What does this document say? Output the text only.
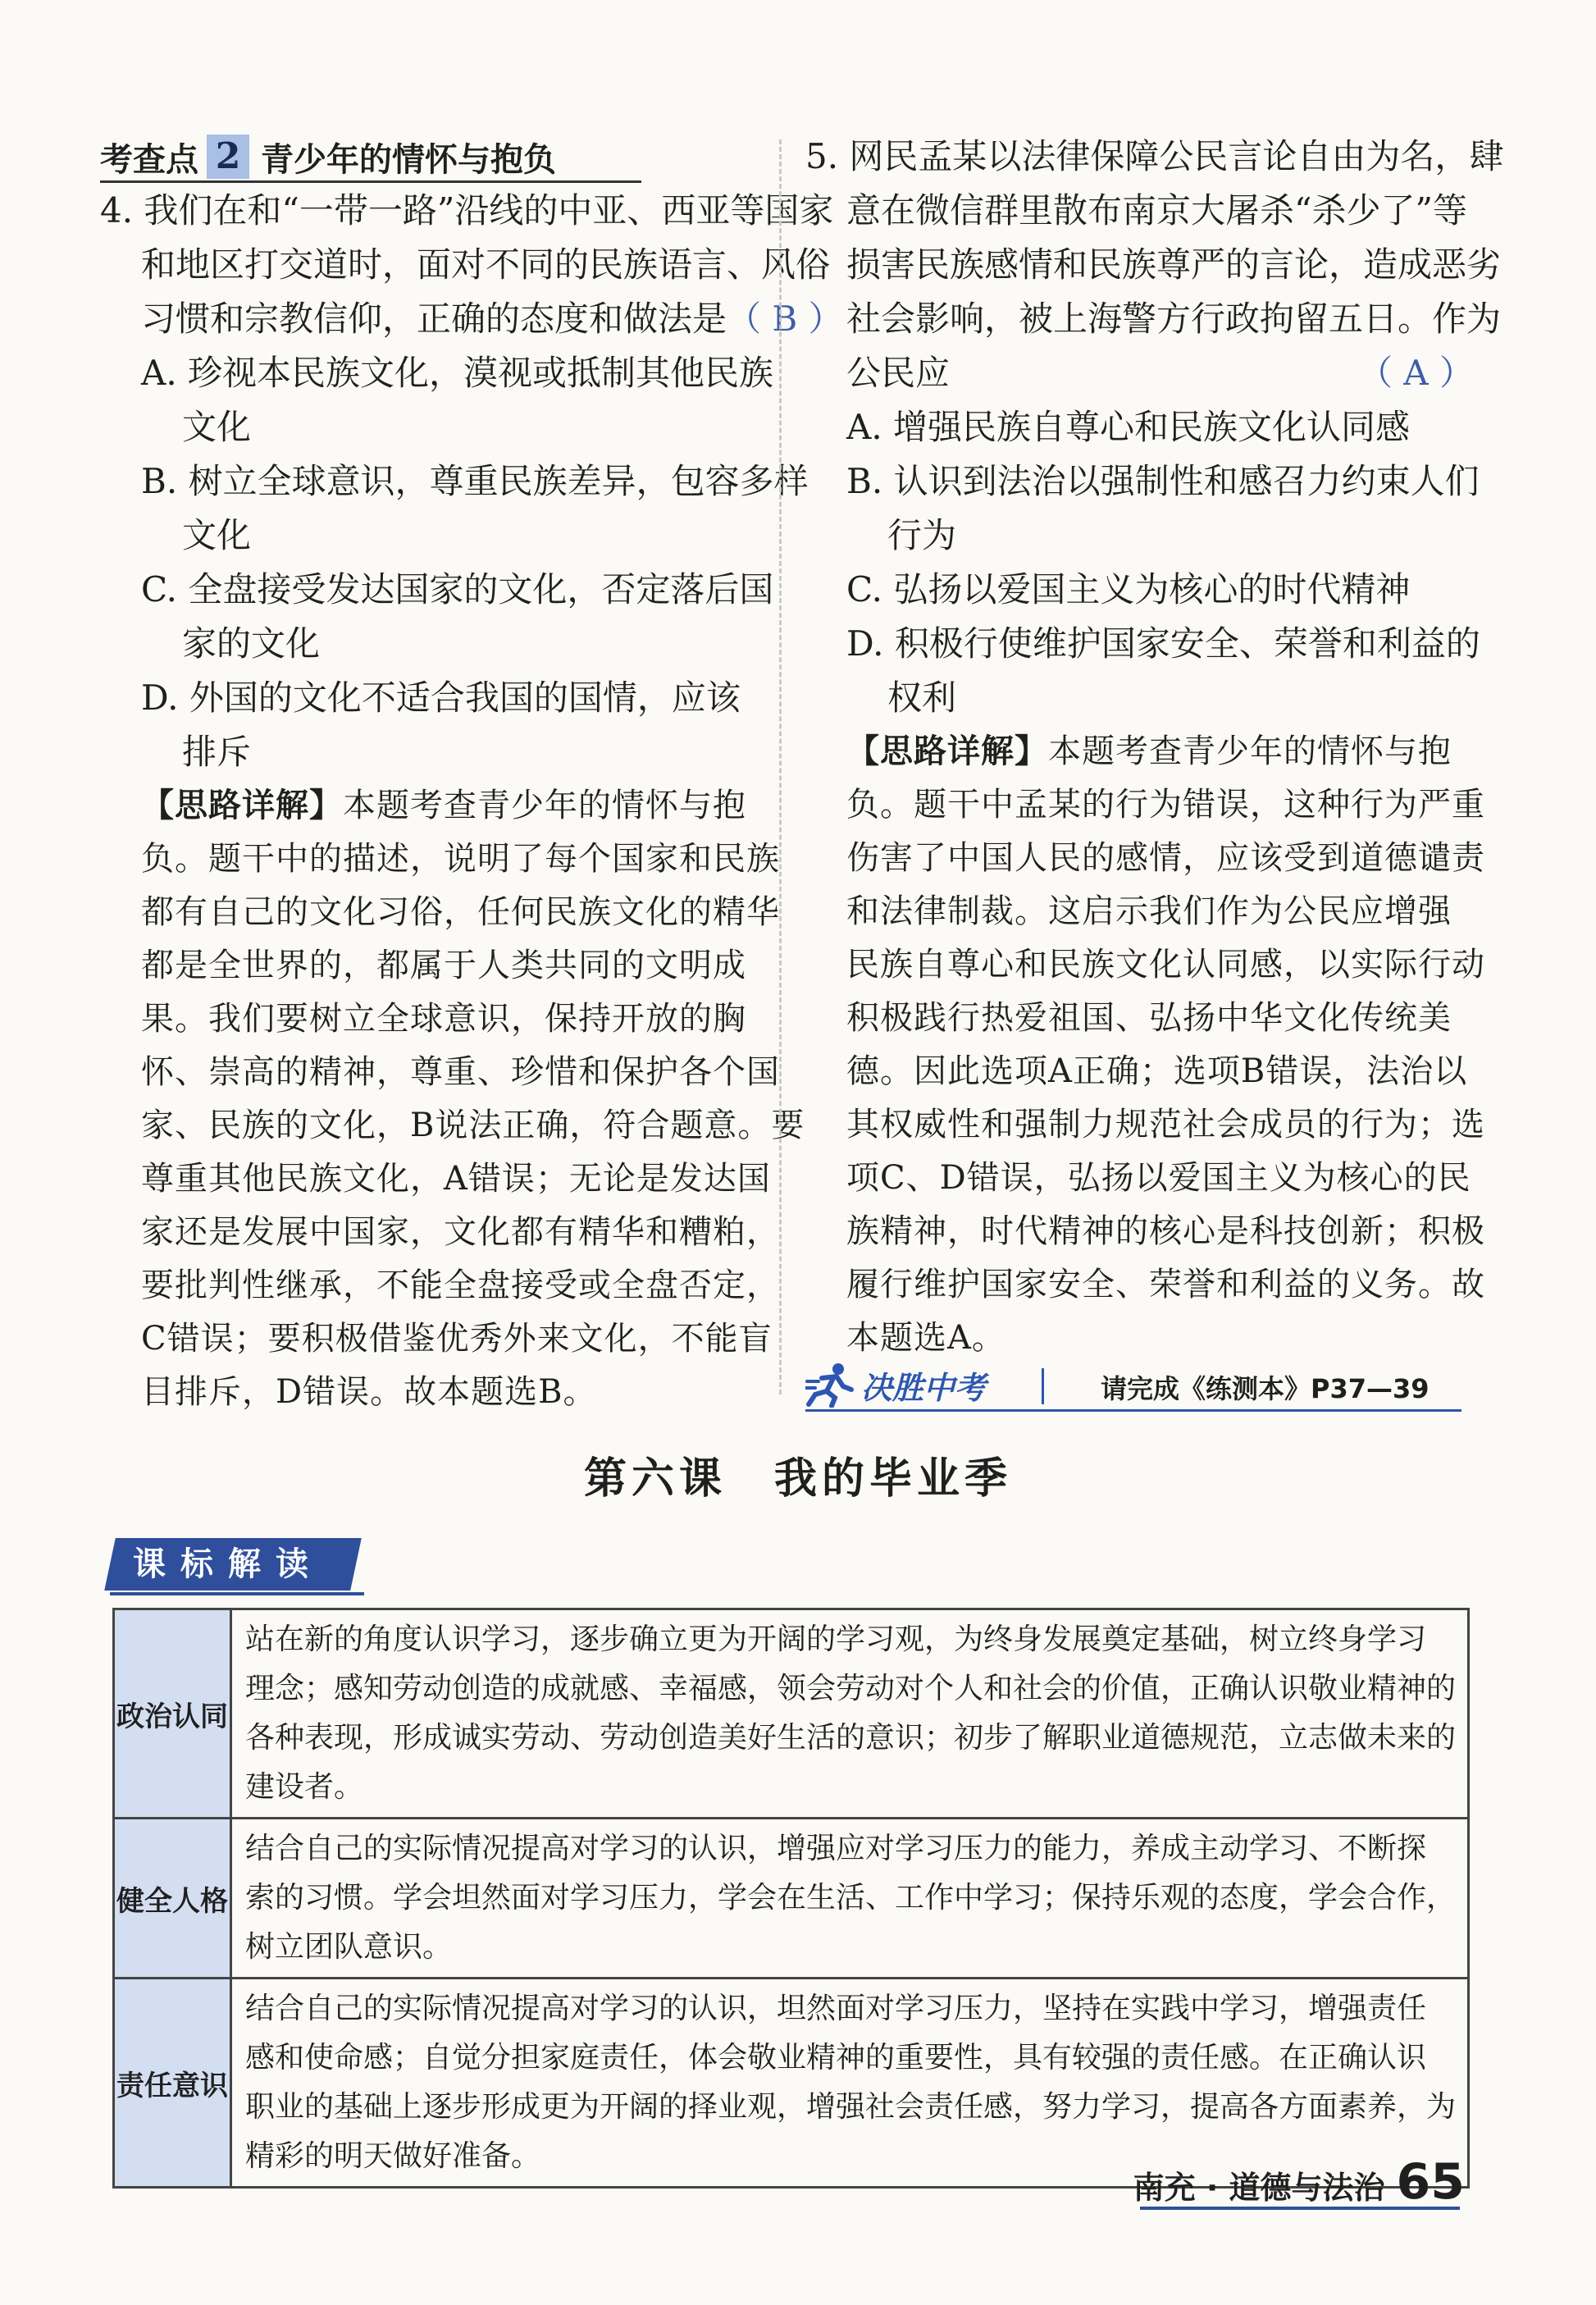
考查点 2 青少年的情怀与抱负
4. 我们在和“一带一路”沿线的中亚、西亚等国家
和地区打交道时，面对不同的民族语言、风俗
习惯和宗教信仰，正确的态度和做法是（ B ）
A. 珍视本民族文化，漠视或抵制其他民族
文化
B. 树立全球意识，尊重民族差异，包容多样
文化
C. 全盘接受发达国家的文化，否定落后国
家的文化
D. 外国的文化不适合我国的国情，应该
排斥
【思路详解】本题考查青少年的情怀与抱
负。题干中的描述，说明了每个国家和民族
都有自己的文化习俗，任何民族文化的精华
都是全世界的，都属于人类共同的文明成
果。我们要树立全球意识，保持开放的胸
怀、崇高的精神，尊重、珍惜和保护各个国
家、民族的文化，B说法正确，符合题意。要
尊重其他民族文化，A错误；无论是发达国
家还是发展中国家，文化都有精华和糟粕，
要批判性继承，不能全盘接受或全盘否定，
C错误；要积极借鉴优秀外来文化，不能盲
目排斥，D错误。故本题选B。
5. 网民孟某以法律保障公民言论自由为名，肆
意在微信群里散布南京大屠杀“杀少了”等
损害民族感情和民族尊严的言论，造成恶劣
社会影响，被上海警方行政拘留五日。作为
公民应	（ A ）
A. 增强民族自尊心和民族文化认同感
B. 认识到法治以强制性和感召力约束人们
行为
C. 弘扬以爱国主义为核心的时代精神
D. 积极行使维护国家安全、荣誉和利益的
权利
【思路详解】本题考查青少年的情怀与抱
负。题干中孟某的行为错误，这种行为严重
伤害了中国人民的感情，应该受到道德谴责
和法律制裁。这启示我们作为公民应增强
民族自尊心和民族文化认同感，以实际行动
积极践行热爱祖国、弘扬中华文化传统美
德。因此选项A正确；选项B错误，法治以
其权威性和强制力规范社会成员的行为；选
项C、D错误，弘扬以爱国主义为核心的民
族精神，时代精神的核心是科技创新；积极
履行维护国家安全、荣誉和利益的义务。故
本题选A。
决胜中考	请完成《练测本》P37—39
第六课　我的毕业季
课标解读
政治认同	站在新的角度认识学习，逐步确立更为开阔的学习观，为终身发展奠定基础，树立终身学习
理念；感知劳动创造的成就感、幸福感，领会劳动对个人和社会的价值，正确认识敬业精神的
各种表现，形成诚实劳动、劳动创造美好生活的意识；初步了解职业道德规范，立志做未来的
建设者。

健全人格	结合自己的实际情况提高对学习的认识，增强应对学习压力的能力，养成主动学习、不断探
索的习惯。学会坦然面对学习压力，学会在生活、工作中学习；保持乐观的态度，学会合作，
树立团队意识。

责任意识	结合自己的实际情况提高对学习的认识，坦然面对学习压力，坚持在实践中学习，增强责任
感和使命感；自觉分担家庭责任，体会敬业精神的重要性，具有较强的责任感。在正确认识
职业的基础上逐步形成更为开阔的择业观，增强社会责任感，努力学习，提高各方面素养，为
精彩的明天做好准备。
南充 · 道德与法治 65
